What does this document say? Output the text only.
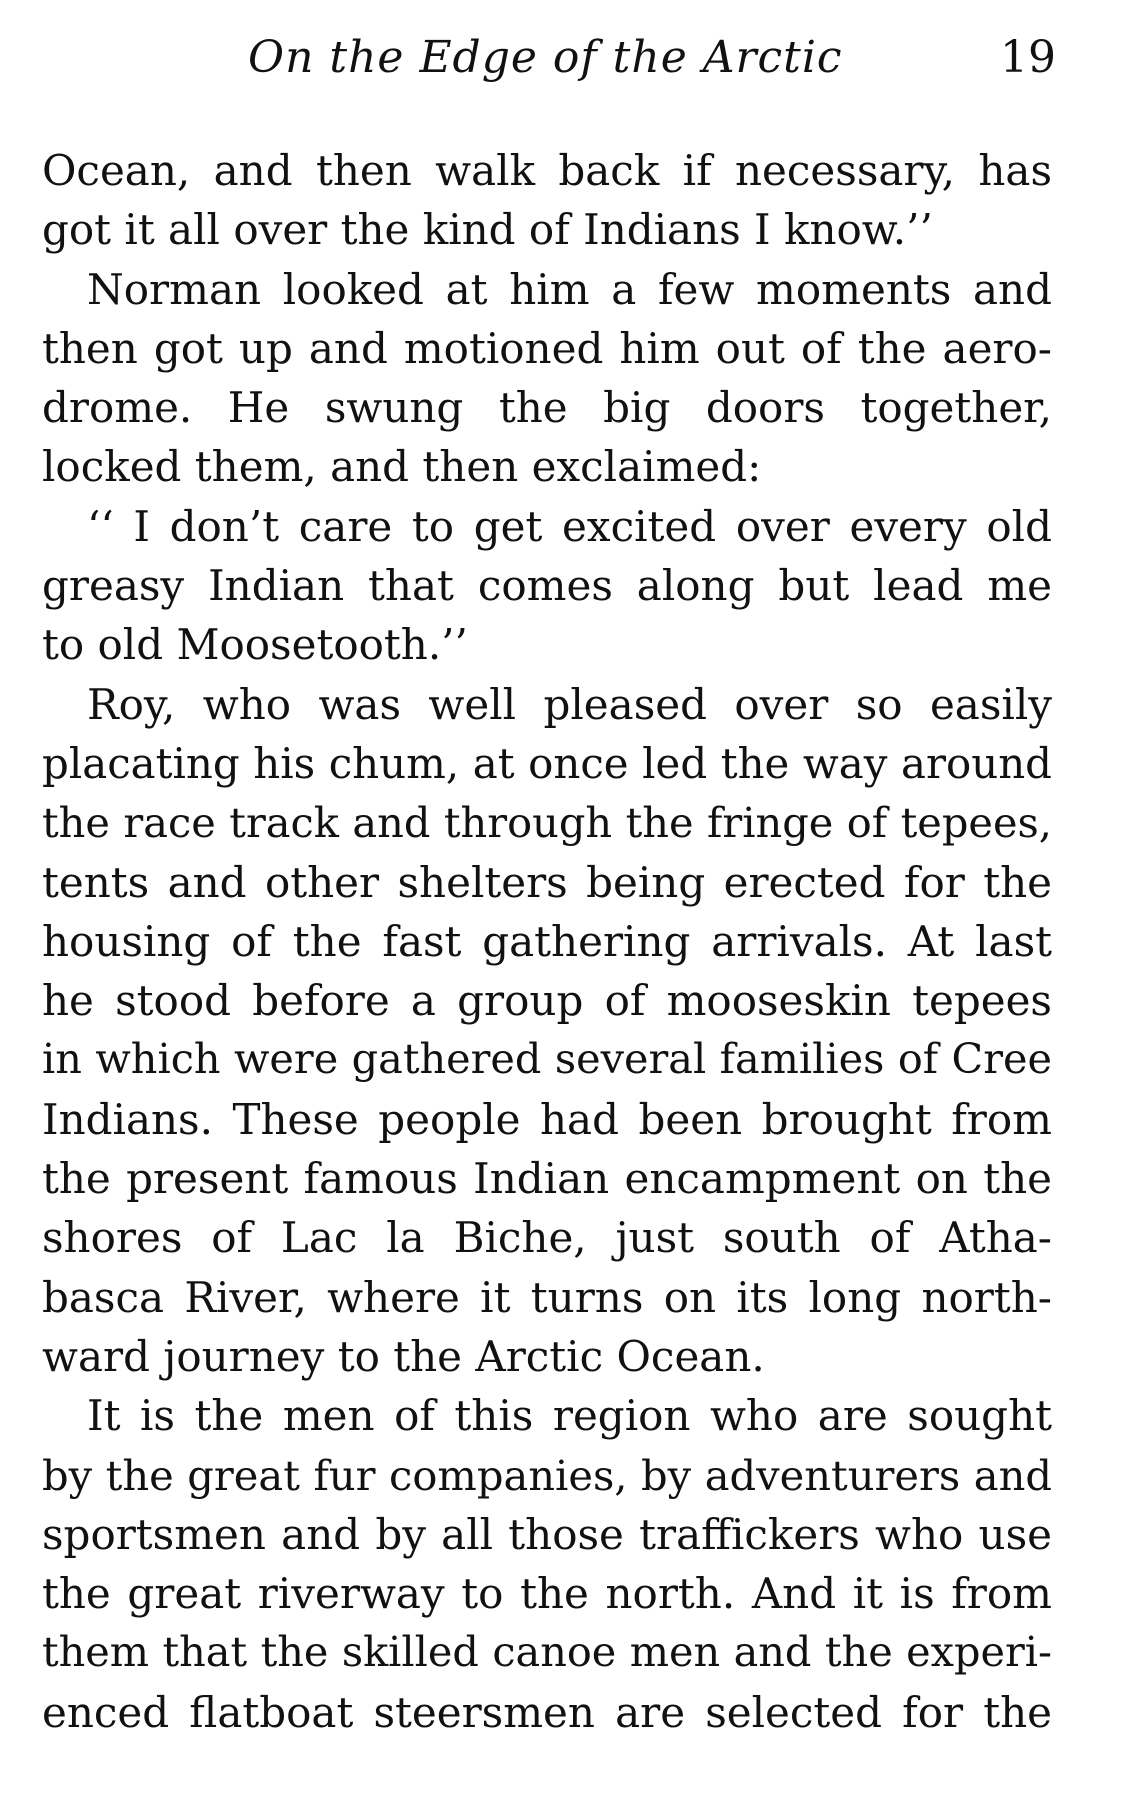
On the Edge of the Arctic	19
Ocean, and then walk back if necessary, has
got it all over the kind of Indians I know.’’
Norman looked at him a few moments and
then got up and motioned him out of the aero-
drome. He swung the big doors together,
locked them, and then exclaimed:
‘‘ I don’t care to get excited over every old
greasy Indian that comes along but lead me
to old Moosetooth.’’
Roy, who was well pleased over so easily
placating his chum, at once led the way around
the race track and through the fringe of tepees,
tents and other shelters being erected for the
housing of the fast gathering arrivals. At last
he stood before a group of mooseskin tepees
in which were gathered several families of Cree
Indians. These people had been brought from
the present famous Indian encampment on the
shores of Lac la Biche, just south of Atha-
basca River, where it turns on its long north-
ward journey to the Arctic Ocean.
It is the men of this region who are sought
by the great fur companies, by adventurers and
sportsmen and by all those traffickers who use
the great riverway to the north. And it is from
them that the skilled canoe men and the experi-
enced flatboat steersmen are selected for the
